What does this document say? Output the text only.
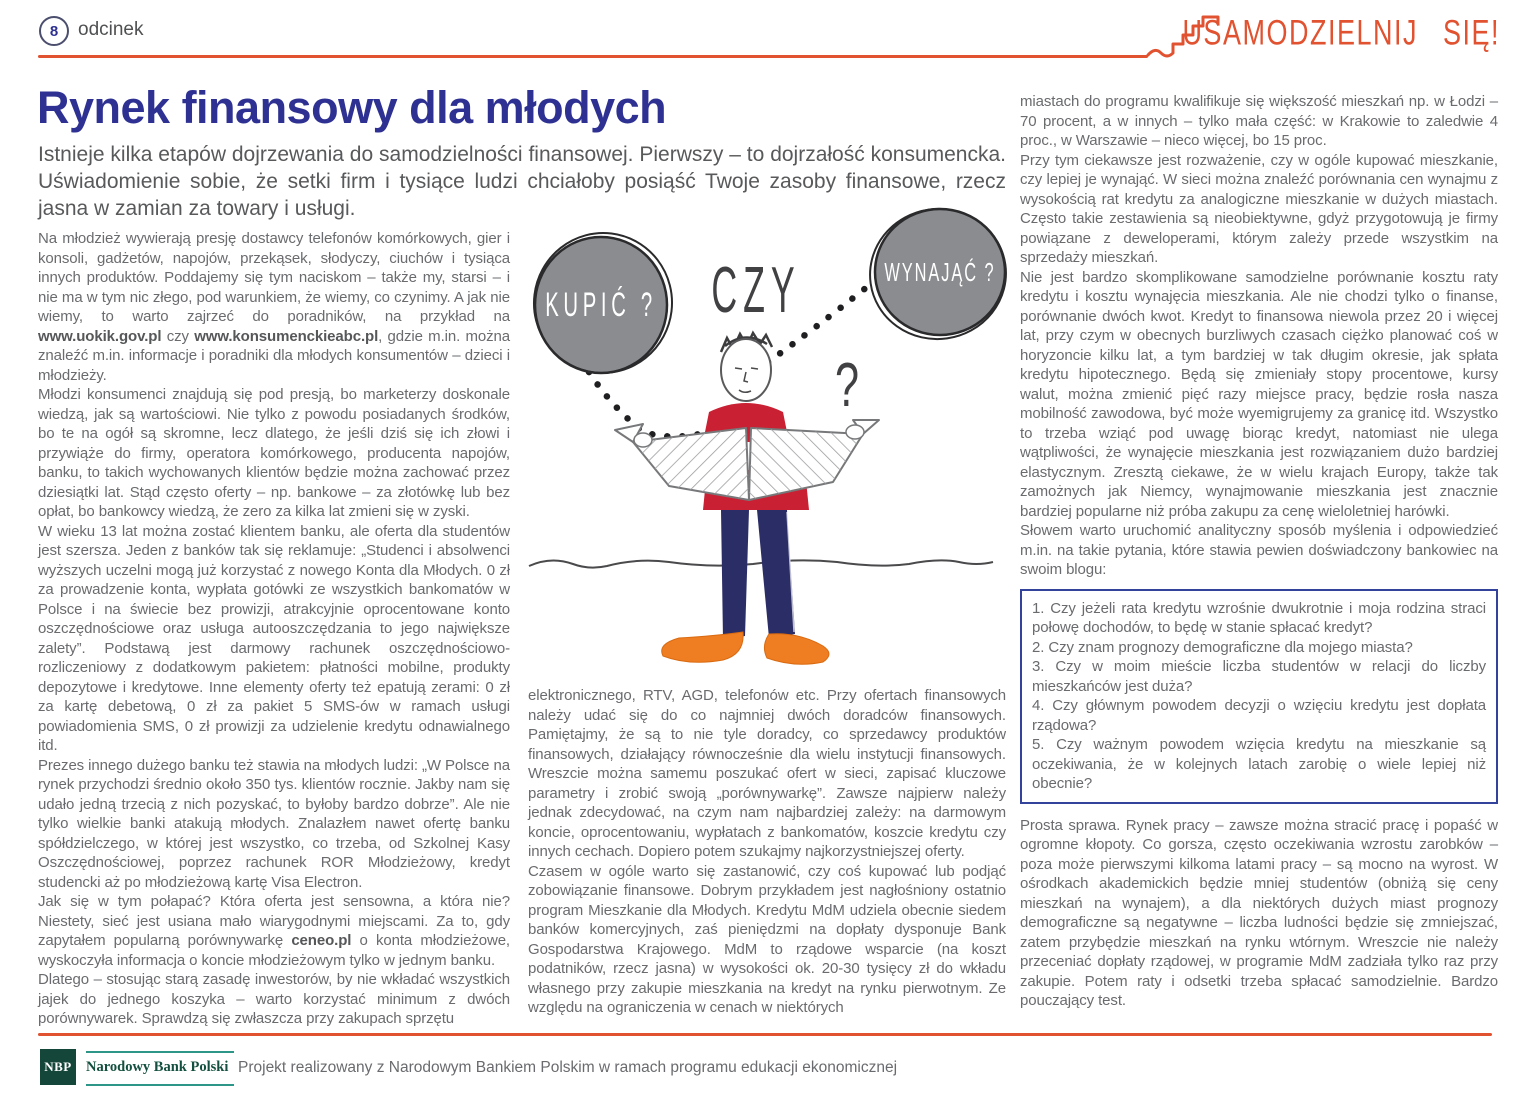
8 odcinek	USAMODZIELNIJ SIĘ!
Rynek finansowy dla młodych

Istnieje kilka etapów dojrzewania do samodzielności finansowej. Pierwszy – to dojrzałość konsumencka. Uświadomienie sobie, że setki firm i tysiące ludzi chciałoby posiąść Twoje zasoby finansowe, rzecz jasna w zamian za towary i usługi.

Na młodzież wywierają presję dostawcy telefonów komórkowych, gier i konsoli, gadżetów, napojów, przekąsek, słodyczy, ciuchów i tysiąca innych produktów. Poddajemy się tym naciskom – także my, starsi – i nie ma w tym nic złego, pod warunkiem, że wiemy, co czynimy. A jak nie wiemy, to warto zajrzeć do poradników, na przykład na www.uokik.gov.pl czy www.konsumenckieabc.pl, gdzie m.in. można znaleźć m.in. informacje i poradniki dla młodych konsumentów – dzieci i młodzieży.

Młodzi konsumenci znajdują się pod presją, bo marketerzy doskonale wiedzą, jak są wartościowi. Nie tylko z powodu posiadanych środków, bo te na ogół są skromne, lecz dlatego, że jeśli dziś się ich złowi i przywiąże do firmy, operatora komórkowego, producenta napojów, banku, to takich wychowanych klientów będzie można zachować przez dziesiątki lat. Stąd często oferty – np. bankowe – za złotówkę lub bez opłat, bo bankowcy wiedzą, że zero za kilka lat zmieni się w zyski.

W wieku 13 lat można zostać klientem banku, ale oferta dla studentów jest szersza. Jeden z banków tak się reklamuje: „Studenci i absolwenci wyższych uczelni mogą już korzystać z nowego Konta dla Młodych. 0 zł za prowadzenie konta, wypłata gotówki ze wszystkich bankomatów w Polsce i na świecie bez prowizji, atrakcyjnie oprocentowane konto oszczędnościowe oraz usługa autooszczędzania to jego największe zalety”. Podstawą jest darmowy rachunek oszczędnościowo-rozliczeniowy z dodatkowym pakietem: płatności mobilne, produkty depozytowe i kredytowe. Inne elementy oferty też epatują zerami: 0 zł za kartę debetową, 0 zł za pakiet 5 SMS-ów w ramach usługi powiadomienia SMS, 0 zł prowizji za udzielenie kredytu odnawialnego itd.

Prezes innego dużego banku też stawia na młodych ludzi: „W Polsce na rynek przychodzi średnio około 350 tys. klientów rocznie. Jakby nam się udało jedną trzecią z nich pozyskać, to byłoby bardzo dobrze”. Ale nie tylko wielkie banki atakują młodych. Znalazłem nawet ofertę banku spółdzielczego, w której jest wszystko, co trzeba, od Szkolnej Kasy Oszczędnościowej, poprzez rachunek ROR Młodzieżowy, kredyt studencki aż po młodzieżową kartę Visa Electron.

Jak się w tym połapać? Która oferta jest sensowna, a która nie? Niestety, sieć jest usiana mało wiarygodnymi miejscami. Za to, gdy zapytałem popularną porównywarkę ceneo.pl o konta młodzieżowe, wyskoczyła informacja o koncie młodzieżowym tylko w jednym banku.

Dlatego – stosując starą zasadę inwestorów, by nie wkładać wszystkich jajek do jednego koszyka – warto korzystać minimum z dwóch porównywarek. Sprawdzą się zwłaszcza przy zakupach sprzętu

KUPIĆ ? CZY	WYNAJĄĆ ?
?

elektronicznego, RTV, AGD, telefonów etc. Przy ofertach finansowych należy udać się do co najmniej dwóch doradców finansowych. Pamiętajmy, że są to nie tyle doradcy, co sprzedawcy produktów finansowych, działający równocześnie dla wielu instytucji finansowych. Wreszcie można samemu poszukać ofert w sieci, zapisać kluczowe parametry i zrobić swoją „porównywarkę”. Zawsze najpierw należy jednak zdecydować, na czym nam najbardziej zależy: na darmowym koncie, oprocentowaniu, wypłatach z bankomatów, koszcie kredytu czy innych cechach. Dopiero potem szukajmy najkorzystniejszej oferty.

Czasem w ogóle warto się zastanowić, czy coś kupować lub podjąć zobowiązanie finansowe. Dobrym przykładem jest nagłośniony ostatnio program Mieszkanie dla Młodych. Kredytu MdM udziela obecnie siedem banków komercyjnych, zaś pieniędzmi na dopłaty dysponuje Bank Gospodarstwa Krajowego. MdM to rządowe wsparcie (na koszt podatników, rzecz jasna) w wysokości ok. 20-30 tysięcy zł do wkładu własnego przy zakupie mieszkania na kredyt na rynku pierwotnym. Ze względu na ograniczenia w cenach w niektórych

miastach do programu kwalifikuje się większość mieszkań np. w Łodzi – 70 procent, a w innych – tylko mała część: w Krakowie to zaledwie 4 proc., w Warszawie – nieco więcej, bo 15 proc.

Przy tym ciekawsze jest rozważenie, czy w ogóle kupować mieszkanie, czy lepiej je wynająć. W sieci można znaleźć porównania cen wynajmu z wysokością rat kredytu za analogiczne mieszkanie w dużych miastach. Często takie zestawienia są nieobiektywne, gdyż przygotowują je firmy powiązane z deweloperami, którym zależy przede wszystkim na sprzedaży mieszkań.

Nie jest bardzo skomplikowane samodzielne porównanie kosztu raty kredytu i kosztu wynajęcia mieszkania. Ale nie chodzi tylko o finanse, porównanie dwóch kwot. Kredyt to finansowa niewola przez 20 i więcej lat, przy czym w obecnych burzliwych czasach ciężko planować coś w horyzoncie kilku lat, a tym bardziej w tak długim okresie, jak spłata kredytu hipotecznego. Będą się zmieniały stopy procentowe, kursy walut, można zmienić pięć razy miejsce pracy, będzie rosła nasza mobilność zawodowa, być może wyemigrujemy za granicę itd. Wszystko to trzeba wziąć pod uwagę biorąc kredyt, natomiast nie ulega wątpliwości, że wynajęcie mieszkania jest rozwiązaniem dużo bardziej elastycznym. Zresztą ciekawe, że w wielu krajach Europy, także tak zamożnych jak Niemcy, wynajmowanie mieszkania jest znacznie bardziej popularne niż próba zakupu za cenę wieloletniej harówki.

Słowem warto uruchomić analityczny sposób myślenia i odpowiedzieć m.in. na takie pytania, które stawia pewien doświadczony bankowiec na swoim blogu:

1. Czy jeżeli rata kredytu wzrośnie dwukrotnie i moja rodzina straci połowę dochodów, to będę w stanie spłacać kredyt?

2. Czy znam prognozy demograficzne dla mojego miasta?

3. Czy w moim mieście liczba studentów w relacji do liczby mieszkańców jest duża?

4. Czy głównym powodem decyzji o wzięciu kredytu jest dopłata rządowa?

5. Czy ważnym powodem wzięcia kredytu na mieszkanie są oczekiwania, że w kolejnych latach zarobię o wiele lepiej niż obecnie?

Prosta sprawa. Rynek pracy – zawsze można stracić pracę i popaść w ogromne kłopoty. Co gorsza, często oczekiwania wzrostu zarobków – poza może pierwszymi kilkoma latami pracy – są mocno na wyrost. W ośrodkach akademickich będzie mniej studentów (obniżą się ceny mieszkań na wynajem), a dla niektórych dużych miast prognozy demograficzne są negatywne – liczba ludności będzie się zmniejszać, zatem przybędzie mieszkań na rynku wtórnym. Wreszcie nie należy przeceniać dopłaty rządowej, w programie MdM zadziała tylko raz przy zakupie. Potem raty i odsetki trzeba spłacać samodzielnie. Bardzo pouczający test.

NBP Narodowy Bank Polski Projekt realizowany z Narodowym Bankiem Polskim w ramach programu edukacji ekonomicznej
